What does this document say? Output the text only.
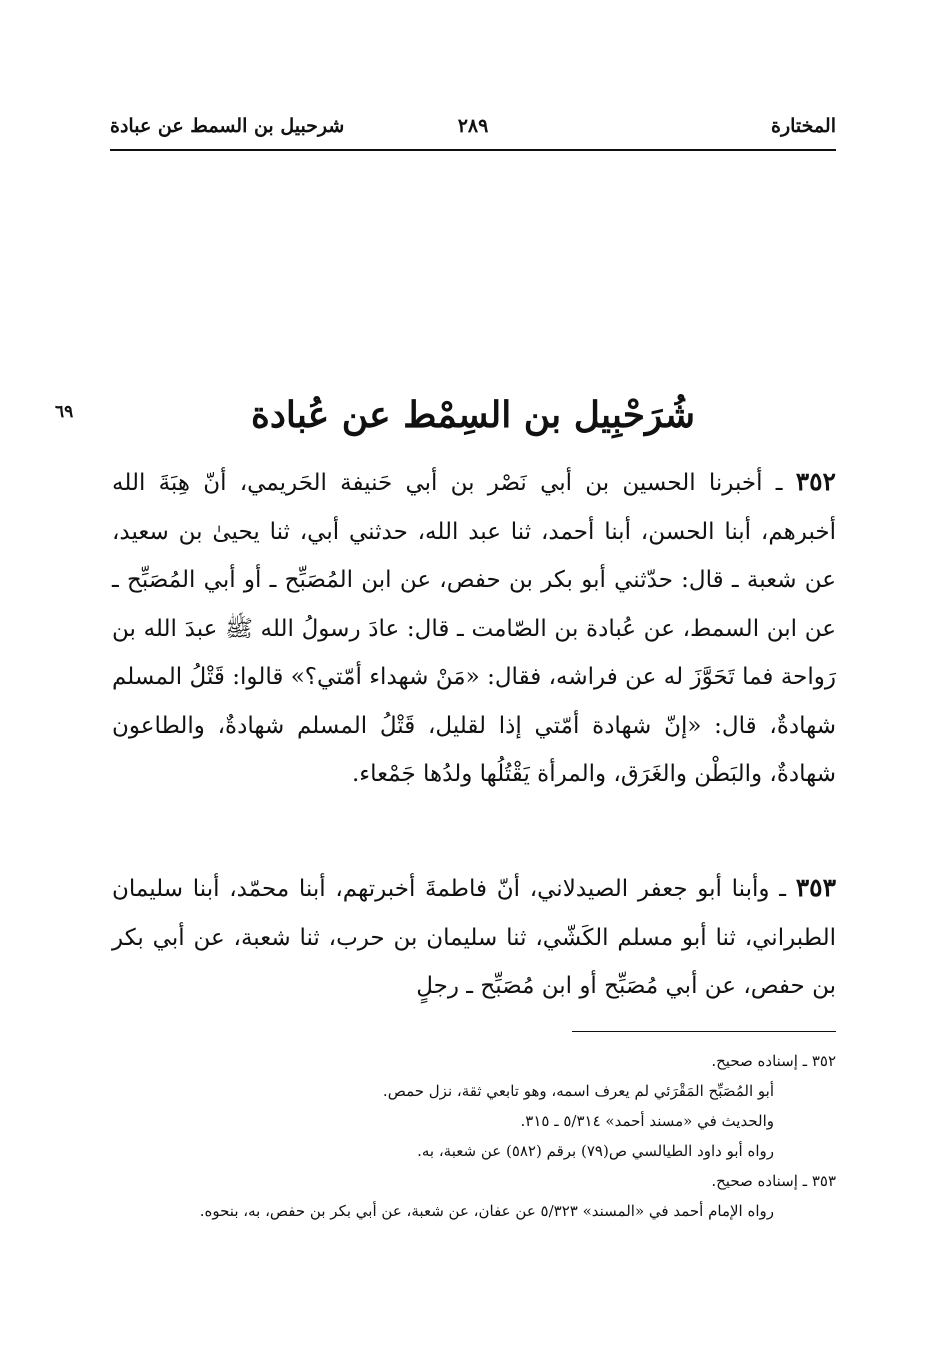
المختارة
٢٨٩
شرحبيل بن السمط عن عبادة
٦٩	شُرَحْبِيل بن السِمْط عن عُبادة
٣٥٢ ـ أخبرنا الحسين بن أبي نَصْر بن أبي حَنيفة الحَريمي، أنّ هِبَةَ الله أخبرهم، أبنا الحسن، أبنا أحمد، ثنا عبد الله، حدثني أبي، ثنا يحيىٰ بن سعيد، عن شعبة ـ قال: حدّثني أبو بكر بن حفص، عن ابن المُصَبِّح ـ أو أبي المُصَبِّح ـ عن ابن السمط، عن عُبادة بن الصّامت ـ قال: عادَ رسولُ الله ﷺ عبدَ الله بن رَواحة فما تَحَوَّزَ له عن فراشه، فقال: «مَنْ شهداء أمّتي؟» قالوا: قَتْلُ المسلم شهادةٌ، قال: «إنّ شهادة أمّتي إذا لقليل، قَتْلُ المسلم شهادةٌ، والطاعون شهادةٌ، والبَطْن والغَرَق، والمرأة يَقْتُلُها ولدُها جَمْعاء.
٣٥٣ ـ وأبنا أبو جعفر الصيدلاني، أنّ فاطمةَ أخبرتهم، أبنا محمّد، أبنا سليمان الطبراني، ثنا أبو مسلم الكَشّي، ثنا سليمان بن حرب، ثنا شعبة، عن أبي بكر بن حفص، عن أبي مُصَبِّح أو ابن مُصَبِّح ـ رجلٍ
٣٥٢ ـ إسناده صحيح.
أبو المُصَبِّح المَقْرَئي لم يعرف اسمه، وهو تابعي ثقة، نزل حمص.
والحديث في «مسند أحمد» ٥/٣١٤ ـ ٣١٥.
رواه أبو داود الطيالسي ص(٧٩) برقم (٥٨٢) عن شعبة، به.
٣٥٣ ـ إسناده صحيح.
رواه الإمام أحمد في «المسند» ٥/٣٢٣ عن عفان، عن شعبة، عن أبي بكر بن حفص، به، بنحوه.
